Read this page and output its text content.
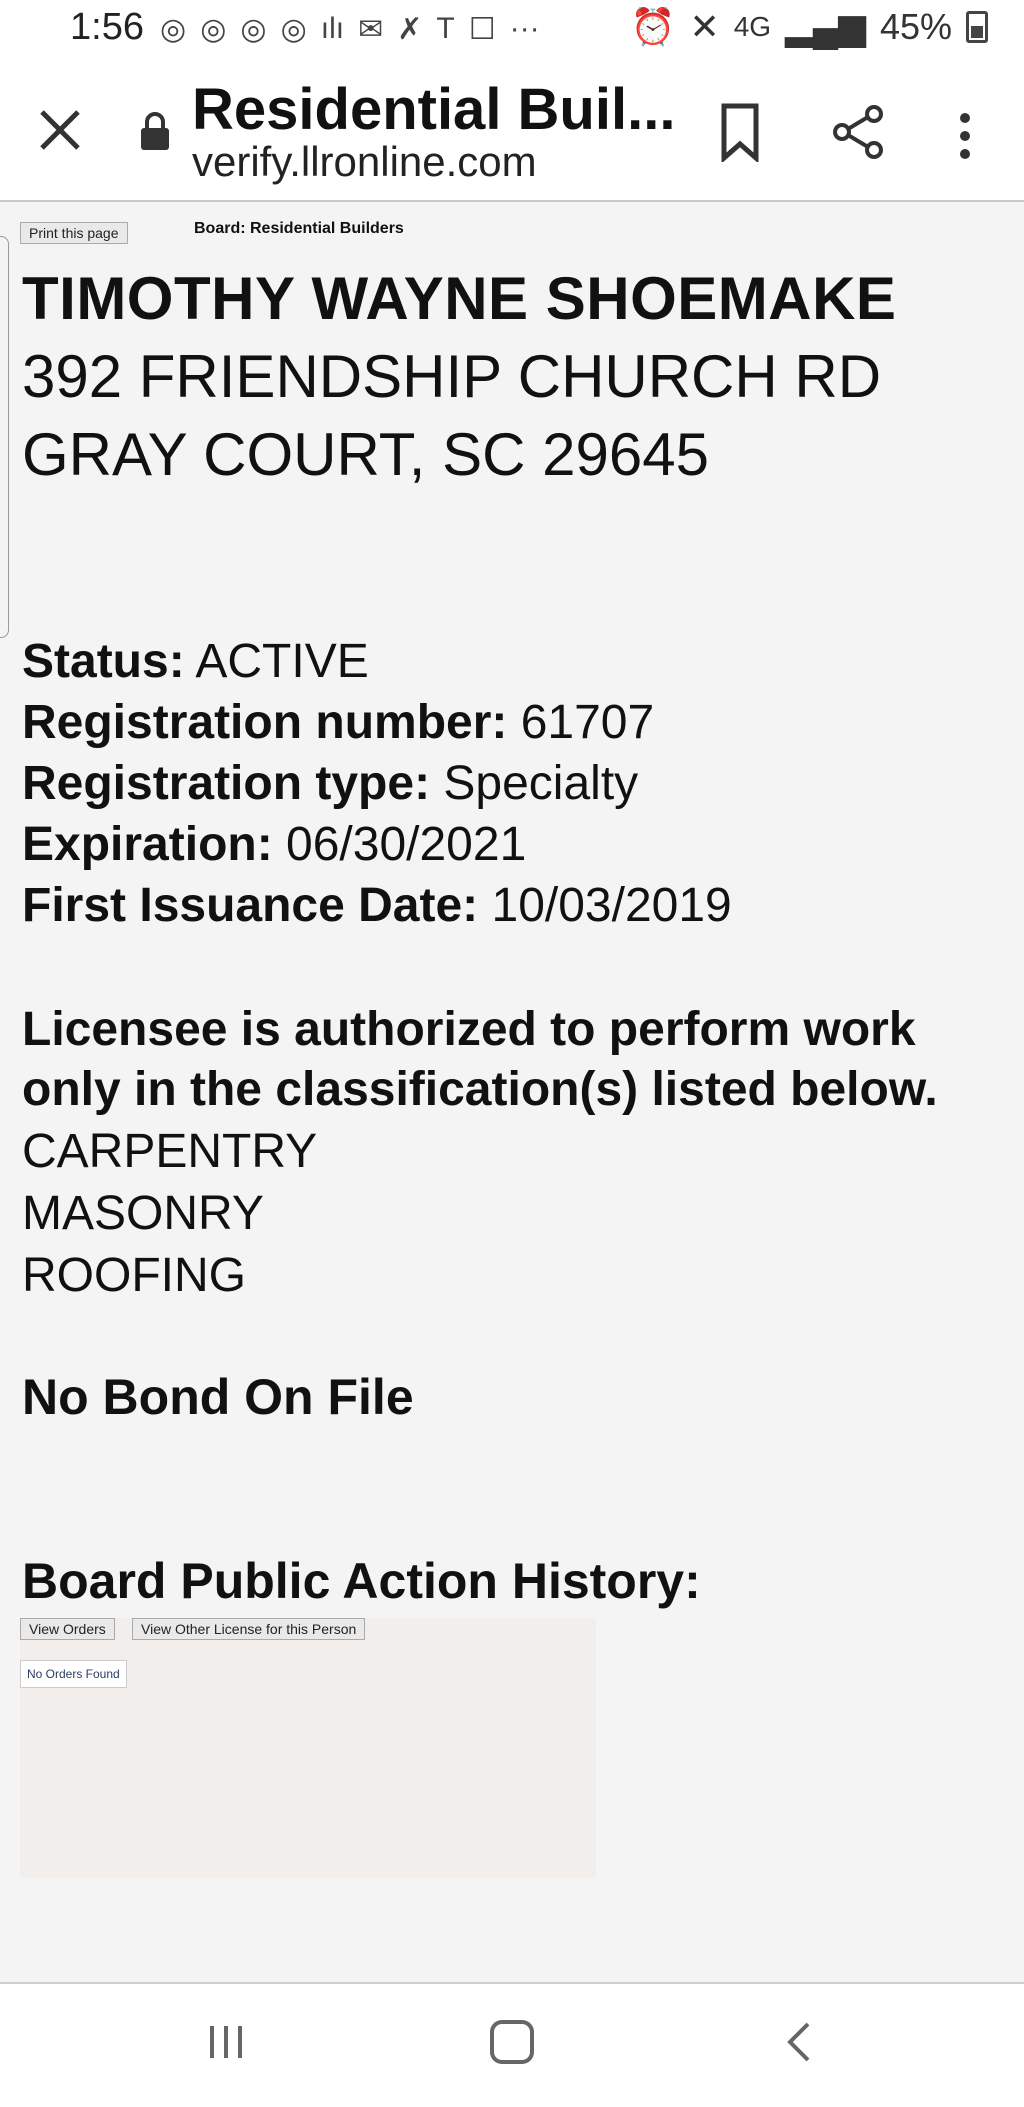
1:56 ◎ ◎ ◎ ◎ ılı ✉ ✗ T ☐ ···	⏰ ✕ 4G ▂▄▆ 45%
Residential Buil...
verify.llronline.com
Print this page	Board: Residential Builders
TIMOTHY WAYNE SHOEMAKE
392 FRIENDSHIP CHURCH RD
GRAY COURT, SC 29645
Status: ACTIVE
Registration number: 61707
Registration type: Specialty
Expiration: 06/30/2021
First Issuance Date: 10/03/2019
Licensee is authorized to perform work only in the classification(s) listed below.
CARPENTRY
MASONRY
ROOFING
No Bond On File
Board Public Action History:
View Orders	View Other License for this Person
No Orders Found
